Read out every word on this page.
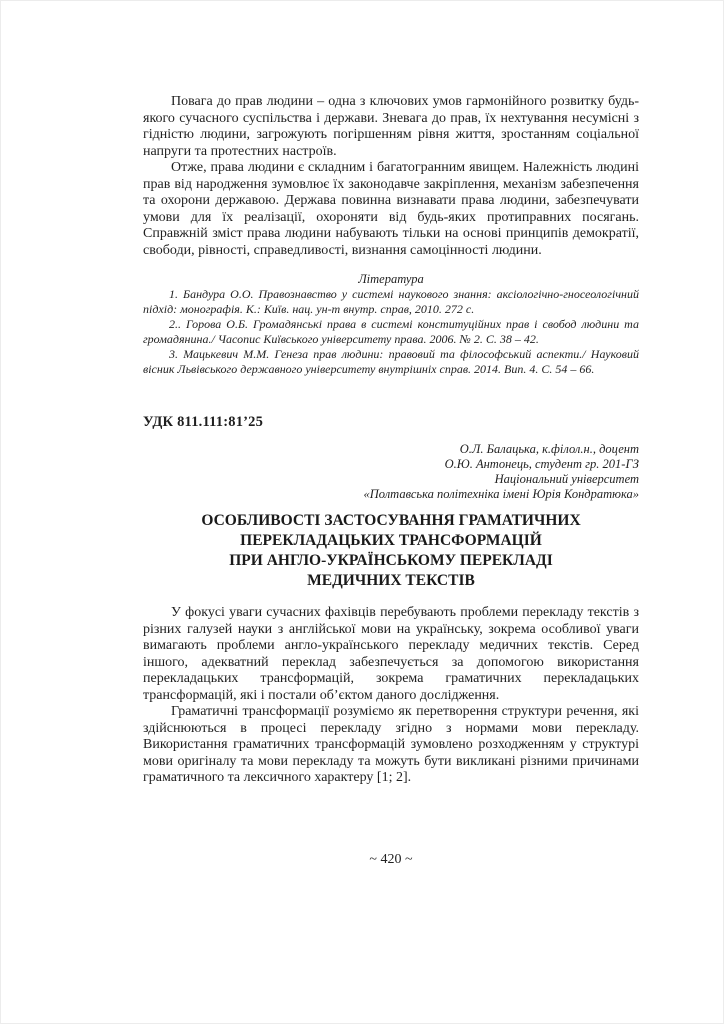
Повага до прав людини – одна з ключових умов гармонійного розвитку будь-якого сучасного суспільства і держави. Зневага до прав, їх нехтування несумісні з гідністю людини, загрожують погіршенням рівня життя, зростанням соціальної напруги та протестних настроїв.

Отже, права людини є складним і багатогранним явищем. Належність людині прав від народження зумовлює їх законодавче закріплення, механізм забезпечення та охорони державою. Держава повинна визнавати права людини, забезпечувати умови для їх реалізації, охороняти від будь-яких протиправних посягань. Справжній зміст права людини набувають тільки на основі принципів демократії, свободи, рівності, справедливості, визнання самоцінності людини.

Література

1. Бандура О.О. Правознавство у системі наукового знання: аксіологічно-гносеологічний підхід: монографія. К.: Київ. нац. ун-т внутр. справ, 2010. 272 с.

2.. Горова О.Б. Громадянські права в системі конституційних прав і свобод людини та громадянина./ Часопис Київського університету права. 2006. № 2. С. 38 – 42.

3. Мацькевич М.М. Генеза прав людини: правовий та філософський аспекти./ Науковий вісник Львівського державного університету внутрішніх справ. 2014. Вип. 4. С. 54 – 66.

УДК 811.111:81’25
О.Л. Балацька, к.філол.н., доцент
О.Ю. Антонець, студент гр. 201-ГЗ
Національний університет
«Полтавська політехніка імені Юрія Кондратюка»
ОСОБЛИВОСТІ ЗАСТОСУВАННЯ ГРАМАТИЧНИХ
ПЕРЕКЛАДАЦЬКИХ ТРАНСФОРМАЦІЙ
ПРИ АНГЛО-УКРАЇНСЬКОМУ ПЕРЕКЛАДІ
МЕДИЧНИХ ТЕКСТІВ

У фокусі уваги сучасних фахівців перебувають проблеми перекладу текстів з різних галузей науки з англійської мови на українську, зокрема особливої уваги вимагають проблеми англо-українського перекладу медичних текстів. Серед іншого, адекватний переклад забезпечується за допомогою використання перекладацьких трансформацій, зокрема граматичних перекладацьких трансформацій, які і постали об’єктом даного дослідження.

Граматичні трансформації розуміємо як перетворення структури речення, які здійснюються в процесі перекладу згідно з нормами мови перекладу. Використання граматичних трансформацій зумовлено розходженням у структурі мови оригіналу та мови перекладу та можуть бути викликані різними причинами граматичного та лексичного характеру [1; 2].

~ 420 ~
